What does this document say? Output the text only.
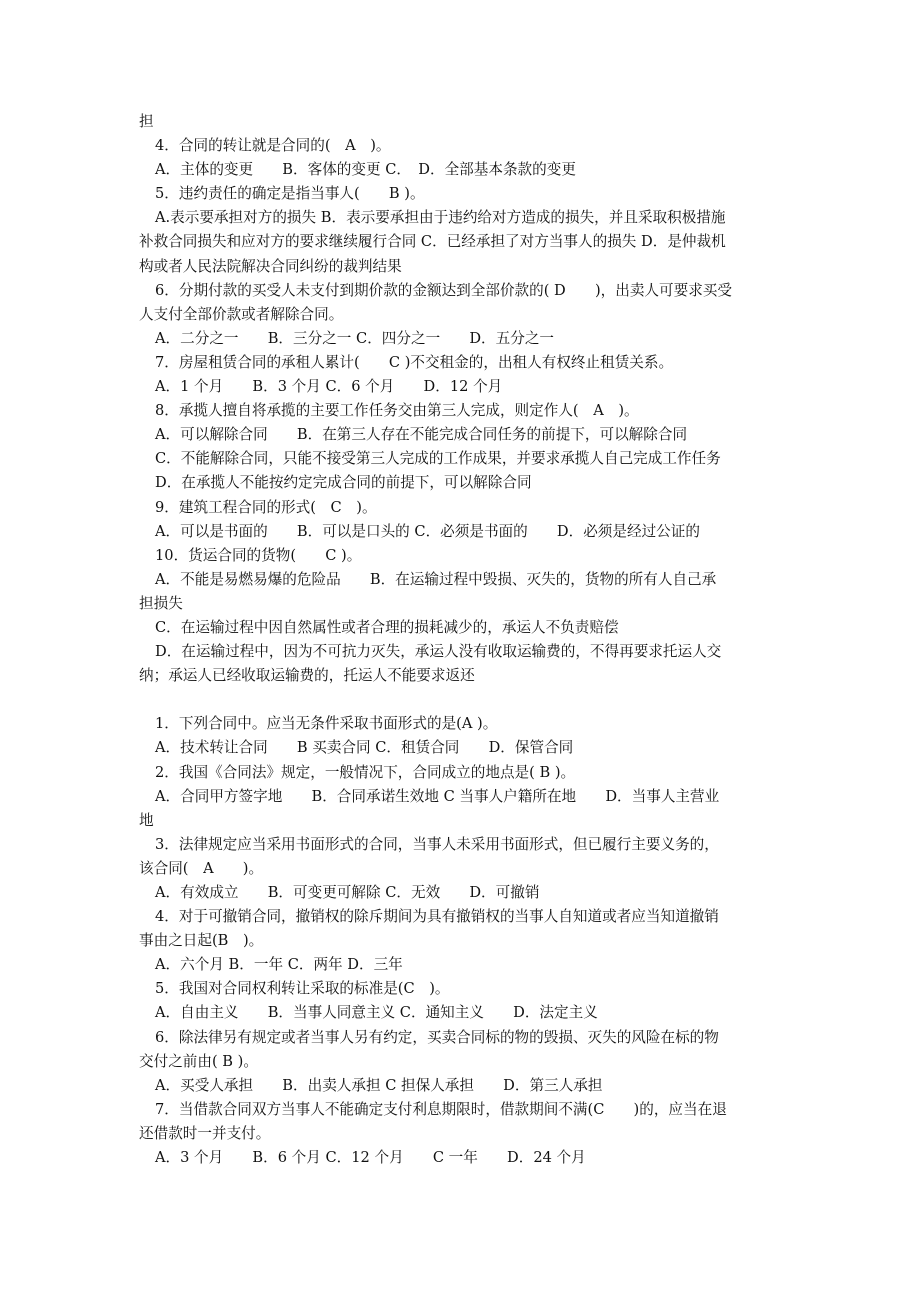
担
4．合同的转让就是合同的(　A　)。
A．主体的变更　　B．客体的变更 C．　D．全部基本条款的变更
5．违约责任的确定是指当事人(　　B )。
A.表示要承担对方的损失 B．表示要承担由于违约给对方造成的损失，并且采取积极措施
补救合同损失和应对方的要求继续履行合同 C．已经承担了对方当事人的损失 D．是仲裁机
构或者人民法院解决合同纠纷的裁判结果
6．分期付款的买受人未支付到期价款的金额达到全部价款的( D　　)，出卖人可要求买受
人支付全部价款或者解除合同。
A．二分之一　　B．三分之一 C．四分之一　　D．五分之一
7．房屋租赁合同的承租人累计(　　C )不交租金的，出租人有权终止租赁关系。
A．1 个月　　B．3 个月 C．6 个月　　D．12 个月
8．承揽人擅自将承揽的主要工作任务交由第三人完成，则定作人(　A　)。
A．可以解除合同　　B．在第三人存在不能完成合同任务的前提下，可以解除合同
C．不能解除合同，只能不接受第三人完成的工作成果，并要求承揽人自己完成工作任务
D．在承揽人不能按约定完成合同的前提下，可以解除合同
9．建筑工程合同的形式(　C　)。
A．可以是书面的　　B．可以是口头的 C．必须是书面的　　D．必须是经过公证的
10．货运合同的货物(　　C )。
A．不能是易燃易爆的危险品　　B．在运输过程中毁损、灭失的，货物的所有人自己承
担损失
C．在运输过程中因自然属性或者合理的损耗减少的，承运人不负责赔偿
D．在运输过程中，因为不可抗力灭失，承运人没有收取运输费的，不得再要求托运人交
纳；承运人已经收取运输费的，托运人不能要求返还
1．下列合同中。应当无条件采取书面形式的是(A )。
A．技术转让合同　　B 买卖合同 C．租赁合同　　D．保管合同
2．我国《合同法》规定，一般情况下，合同成立的地点是( B )。
A．合同甲方签字地　　B．合同承诺生效地 C 当事人户籍所在地　　D．当事人主营业
地
3．法律规定应当采用书面形式的合同，当事人未采用书面形式，但已履行主要义务的，
该合同(　A　　)。
A．有效成立　　B．可变更可解除 C．无效　　D．可撤销
4．对于可撤销合同，撤销权的除斥期间为具有撤销权的当事人自知道或者应当知道撤销
事由之日起(B　)。
A．六个月 B．一年 C．两年 D．三年
5．我国对合同权利转让采取的标准是(C　)。
A．自由主义　　B．当事人同意主义 C．通知主义　　D．法定主义
6．除法律另有规定或者当事人另有约定，买卖合同标的物的毁损、灭失的风险在标的物
交付之前由( B )。
A．买受人承担　　B．出卖人承担 C 担保人承担　　D．第三人承担
7．当借款合同双方当事人不能确定支付利息期限时，借款期间不满(C　　)的，应当在退
还借款时一并支付。
A．3 个月　　B．6 个月 C．12 个月　　C 一年　　D．24 个月
